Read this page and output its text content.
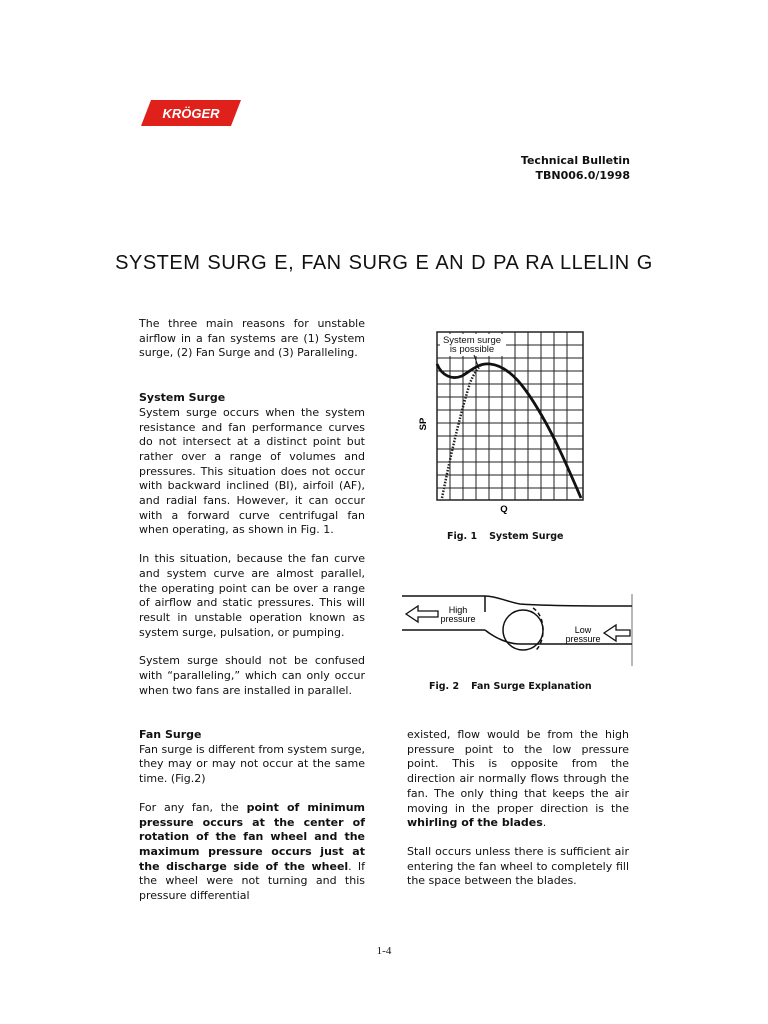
KRÖGER
Technical Bulletin
TBN006.0/1998
SYSTEM SURG E, FAN SURG E AN D PA RA LLELIN G

The three main reasons for unstable airflow in a fan systems are (1) System surge, (2) Fan Surge and (3) Paralleling.

System Surge

System surge occurs when the system resistance and fan performance curves do not intersect at a distinct point but rather over a range of volumes and pressures. This situation does not occur with backward inclined (BI), airfoil (AF), and radial fans. However, it can occur with a forward curve centrifugal fan when operating, as shown in Fig. 1.

In this situation, because the fan curve and system curve are almost parallel, the operating point can be over a range of airflow and static pressures. This will result in unstable operation known as system surge, pulsation, or pumping.

System surge should not be confused with “paralleling,” which can only occur when two fans are installed in parallel.

Fan Surge

Fan surge is different from system surge, they may or may not occur at the same time. (Fig.2)

For any fan, the point of minimum pressure occurs at the center of rotation of the fan wheel and the maximum pressure occurs just at the discharge side of the wheel. If the wheel were not turning and this pressure differential

existed, flow would be from the high pressure point to the low pressure point. This is opposite from the direction air normally flows through the fan. The only thing that keeps the air moving in the proper direction is the whirling of the blades.

Stall occurs unless there is sufficient air entering the fan wheel to completely fill the space between the blades.

System surge
is possible
SP
Q
Fig. 1 System Surge
High
pressure
Low
pressure
Fig. 2 Fan Surge Explanation
1-4
